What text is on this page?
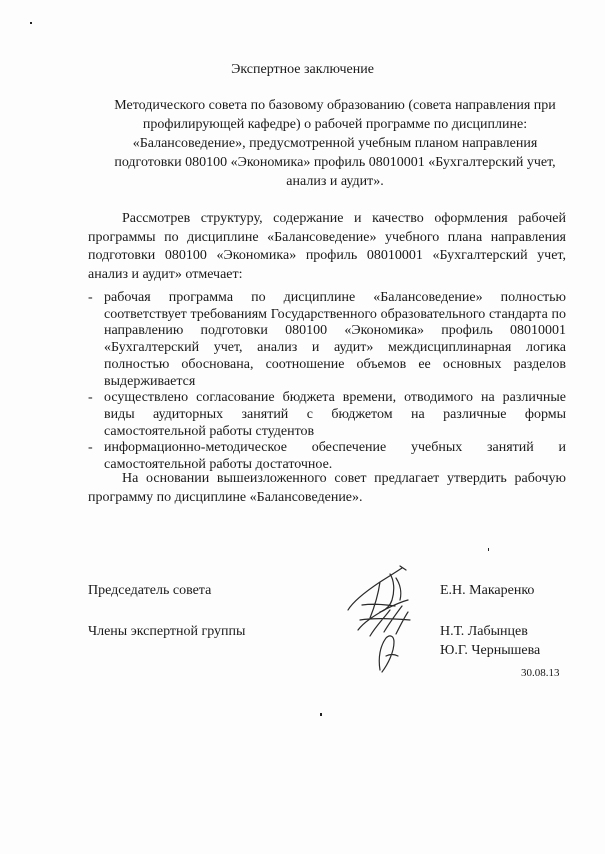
Экспертное заключение
Методического совета по базовому образованию (совета направления при профилирующей кафедре) о рабочей программе по дисциплине: «Балансоведение», предусмотренной учебным планом направления подготовки 080100 «Экономика» профиль 08010001 «Бухгалтерский учет, анализ и аудит».
Рассмотрев структуру, содержание и качество оформления рабочей программы по дисциплине «Балансоведение» учебного плана направления подготовки 080100 «Экономика» профиль 08010001 «Бухгалтерский учет, анализ и аудит» отмечает:
- рабочая программа по дисциплине «Балансоведение» полностью соответствует требованиям Государственного образовательного стандарта по направлению подготовки 080100 «Экономика» профиль 08010001 «Бухгалтерский учет, анализ и аудит» междисциплинарная логика полностью обоснована, соотношение объемов ее основных разделов выдерживается
- осуществлено согласование бюджета времени, отводимого на различные виды аудиторных занятий с бюджетом на различные формы самостоятельной работы студентов
- информационно-методическое обеспечение учебных занятий и самостоятельной работы достаточное.
На основании вышеизложенного совет предлагает утвердить рабочую программу по дисциплине «Балансоведение».
Председатель совета	Е.Н. Макаренко
Члены экспертной группы	Н.Т. Лабынцев
Ю.Г. Чернышева
30.08.13
